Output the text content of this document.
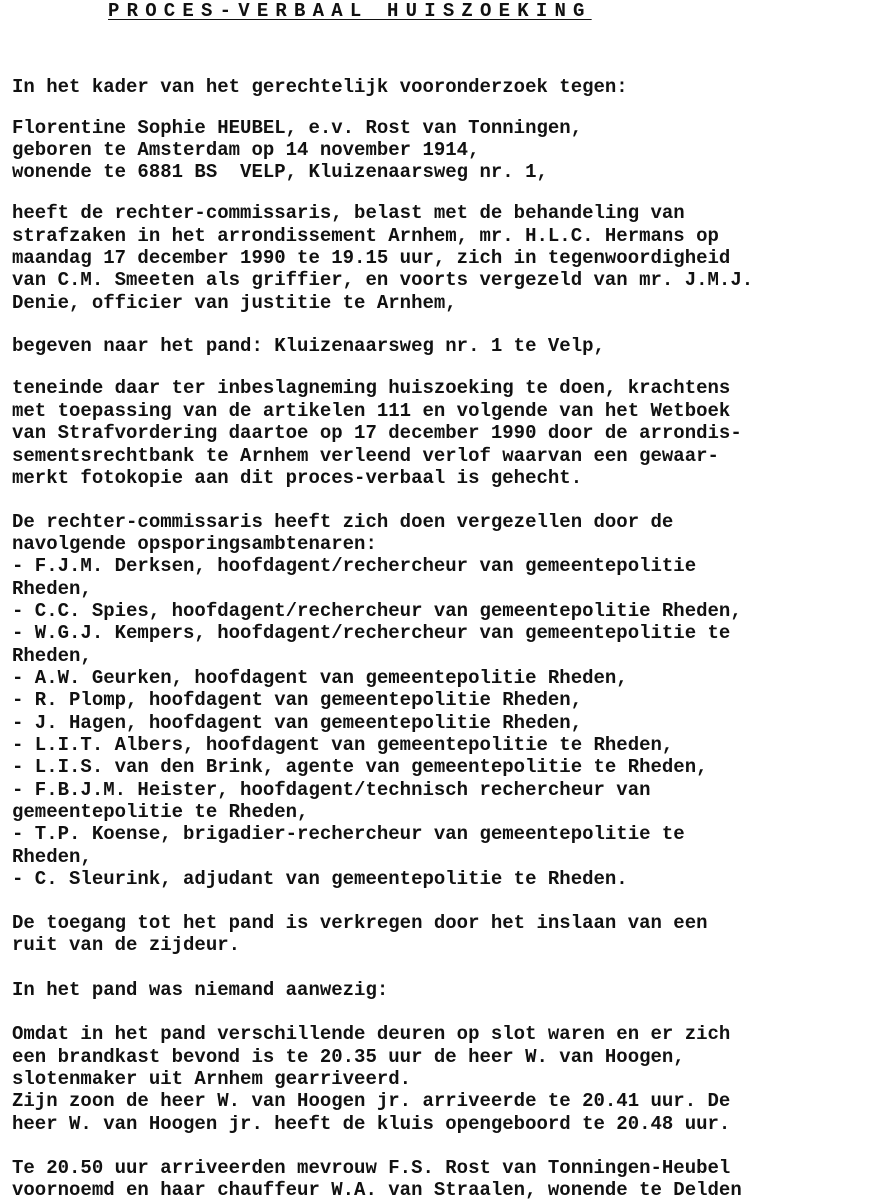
PROCES-VERBAAL HUISZOEKING
In het kader van het gerechtelijk vooronderzoek tegen:
Florentine Sophie HEUBEL, e.v. Rost van Tonningen,
geboren te Amsterdam op 14 november 1914,
wonende te 6881 BS  VELP, Kluizenaarsweg nr. 1,
heeft de rechter-commissaris, belast met de behandeling van
strafzaken in het arrondissement Arnhem, mr. H.L.C. Hermans op
maandag 17 december 1990 te 19.15 uur, zich in tegenwoordigheid
van C.M. Smeeten als griffier, en voorts vergezeld van mr. J.M.J.
Denie, officier van justitie te Arnhem,
begeven naar het pand: Kluizenaarsweg nr. 1 te Velp,
teneinde daar ter inbeslagneming huiszoeking te doen, krachtens
met toepassing van de artikelen 111 en volgende van het Wetboek
van Strafvordering daartoe op 17 december 1990 door de arrondis-
sementsrechtbank te Arnhem verleend verlof waarvan een gewaar-
merkt fotokopie aan dit proces-verbaal is gehecht.
De rechter-commissaris heeft zich doen vergezellen door de
navolgende opsporingsambtenaren:
- F.J.M. Derksen, hoofdagent/rechercheur van gemeentepolitie
Rheden,
- C.C. Spies, hoofdagent/rechercheur van gemeentepolitie Rheden,
- W.G.J. Kempers, hoofdagent/rechercheur van gemeentepolitie te
Rheden,
- A.W. Geurken, hoofdagent van gemeentepolitie Rheden,
- R. Plomp, hoofdagent van gemeentepolitie Rheden,
- J. Hagen, hoofdagent van gemeentepolitie Rheden,
- L.I.T. Albers, hoofdagent van gemeentepolitie te Rheden,
- L.I.S. van den Brink, agente van gemeentepolitie te Rheden,
- F.B.J.M. Heister, hoofdagent/technisch rechercheur van
gemeentepolitie te Rheden,
- T.P. Koense, brigadier-rechercheur van gemeentepolitie te
Rheden,
- C. Sleurink, adjudant van gemeentepolitie te Rheden.
De toegang tot het pand is verkregen door het inslaan van een
ruit van de zijdeur.
In het pand was niemand aanwezig:
Omdat in het pand verschillende deuren op slot waren en er zich
een brandkast bevond is te 20.35 uur de heer W. van Hoogen,
slotenmaker uit Arnhem gearriveerd.
Zijn zoon de heer W. van Hoogen jr. arriveerde te 20.41 uur. De
heer W. van Hoogen jr. heeft de kluis opengeboord te 20.48 uur.
Te 20.50 uur arriveerden mevrouw F.S. Rost van Tonningen-Heubel
voornoemd en haar chauffeur W.A. van Straalen, wonende te Delden
